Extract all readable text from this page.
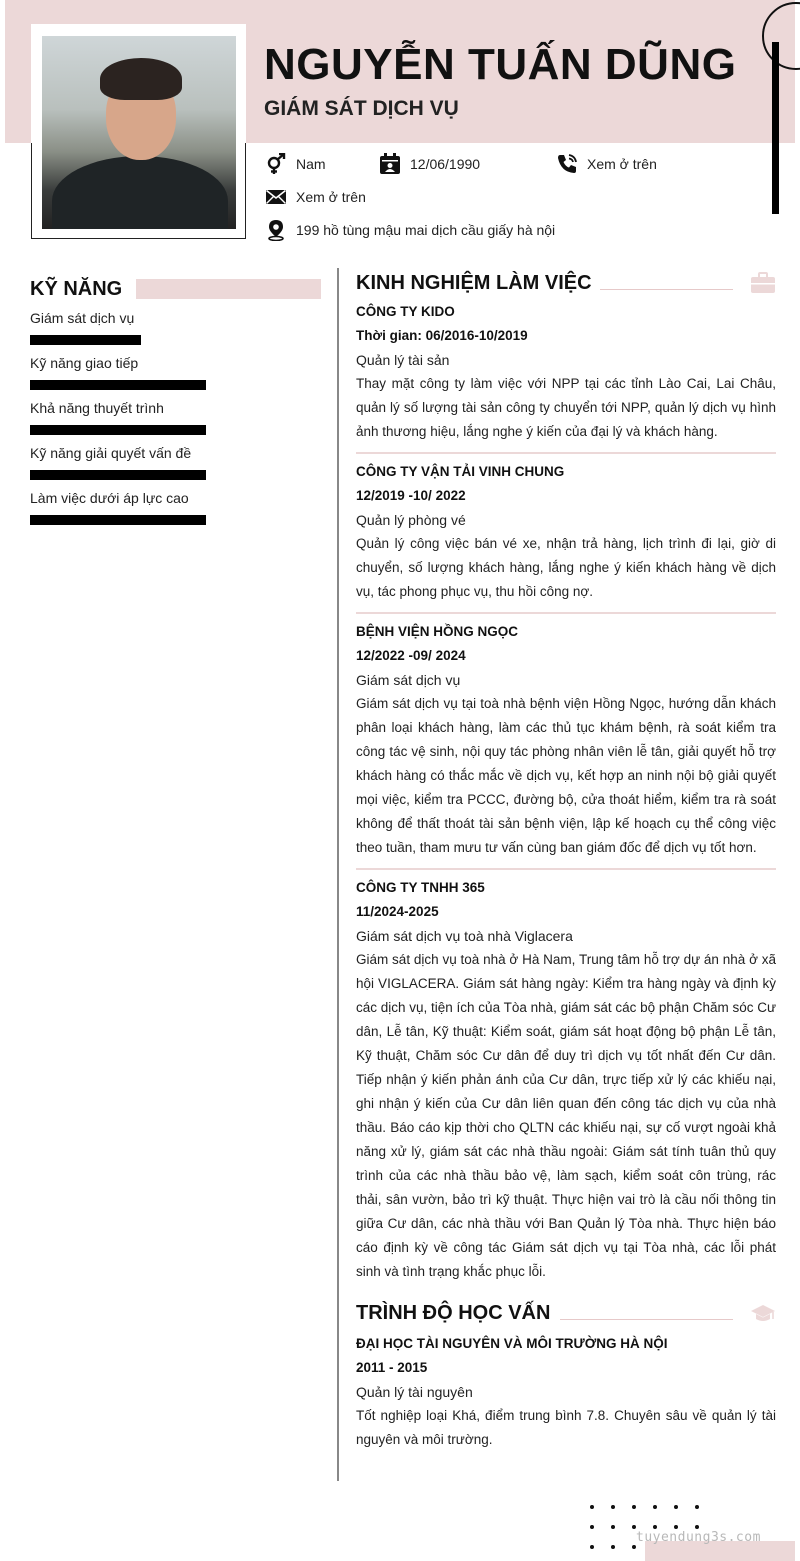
NGUYỄN TUẤN DŨNG
GIÁM SÁT DỊCH VỤ
Nam	12/06/1990	Xem ở trên
Xem ở trên
199 hồ tùng mậu mai dịch cầu giấy hà nội
KỸ NĂNG
Giám sát dịch vụ
Kỹ năng giao tiếp
Khả năng thuyết trình
Kỹ năng giải quyết vấn đề
Làm việc dưới áp lực cao
KINH NGHIỆM LÀM VIỆC
CÔNG TY KIDO
Thời gian: 06/2016-10/2019
Quản lý tài sản
Thay mặt công ty làm việc với NPP tại các tỉnh Lào Cai, Lai Châu, quản lý số lượng tài sản công ty chuyển tới NPP, quản lý dịch vụ hình ảnh thương hiệu, lắng nghe ý kiến của đại lý và khách hàng.
CÔNG TY VẬN TẢI VINH CHUNG
12/2019 -10/ 2022
Quản lý phòng vé
Quản lý công việc bán vé xe, nhận trả hàng, lịch trình đi lại, giờ di chuyển, số lượng khách hàng, lắng nghe ý kiến khách hàng về dịch vụ, tác phong phục vụ, thu hồi công nợ.
BỆNH VIỆN HỒNG NGỌC
12/2022 -09/ 2024
Giám sát dịch vụ
Giám sát dịch vụ tại toà nhà bệnh viện Hồng Ngọc, hướng dẫn khách phân loại khách hàng, làm các thủ tục khám bệnh, rà soát kiểm tra công tác vệ sinh, nội quy tác phòng nhân viên lễ tân, giải quyết hỗ trợ khách hàng có thắc mắc về dịch vụ, kết hợp an ninh nội bộ giải quyết mọi việc, kiểm tra PCCC, đường bộ, cửa thoát hiểm, kiểm tra rà soát không để thất thoát tài sản bệnh viện, lập kế hoạch cụ thể công việc theo tuần, tham mưu tư vấn cùng ban giám đốc để dịch vụ tốt hơn.
CÔNG TY TNHH 365
11/2024-2025
Giám sát dịch vụ toà nhà Viglacera
Giám sát dịch vụ toà nhà ở Hà Nam, Trung tâm hỗ trợ dự án nhà ở xã hội VIGLACERA. Giám sát hàng ngày: Kiểm tra hàng ngày và định kỳ các dịch vụ, tiện ích của Tòa nhà, giám sát các bộ phận Chăm sóc Cư dân, Lễ tân, Kỹ thuật: Kiểm soát, giám sát hoạt động bộ phận Lễ tân, Kỹ thuật, Chăm sóc Cư dân để duy trì dịch vụ tốt nhất đến Cư dân. Tiếp nhận ý kiến phản ánh của Cư dân, trực tiếp xử lý các khiếu nại, ghi nhận ý kiến của Cư dân liên quan đến công tác dịch vụ của nhà thầu. Báo cáo kịp thời cho QLTN các khiếu nại, sự cố vượt ngoài khả năng xử lý, giám sát các nhà thầu ngoài: Giám sát tính tuân thủ quy trình của các nhà thầu bảo vệ, làm sạch, kiểm soát côn trùng, rác thải, sân vườn, bảo trì kỹ thuật. Thực hiện vai trò là cầu nối thông tin giữa Cư dân, các nhà thầu với Ban Quản lý Tòa nhà. Thực hiện báo cáo định kỳ về công tác Giám sát dịch vụ tại Tòa nhà, các lỗi phát sinh và tình trạng khắc phục lỗi.
TRÌNH ĐỘ HỌC VẤN
ĐẠI HỌC TÀI NGUYÊN VÀ MÔI TRƯỜNG HÀ NỘI
2011 - 2015
Quản lý tài nguyên
Tốt nghiệp loại Khá, điểm trung bình 7.8. Chuyên sâu về quản lý tài nguyên và môi trường.
tuyendung3s.com
